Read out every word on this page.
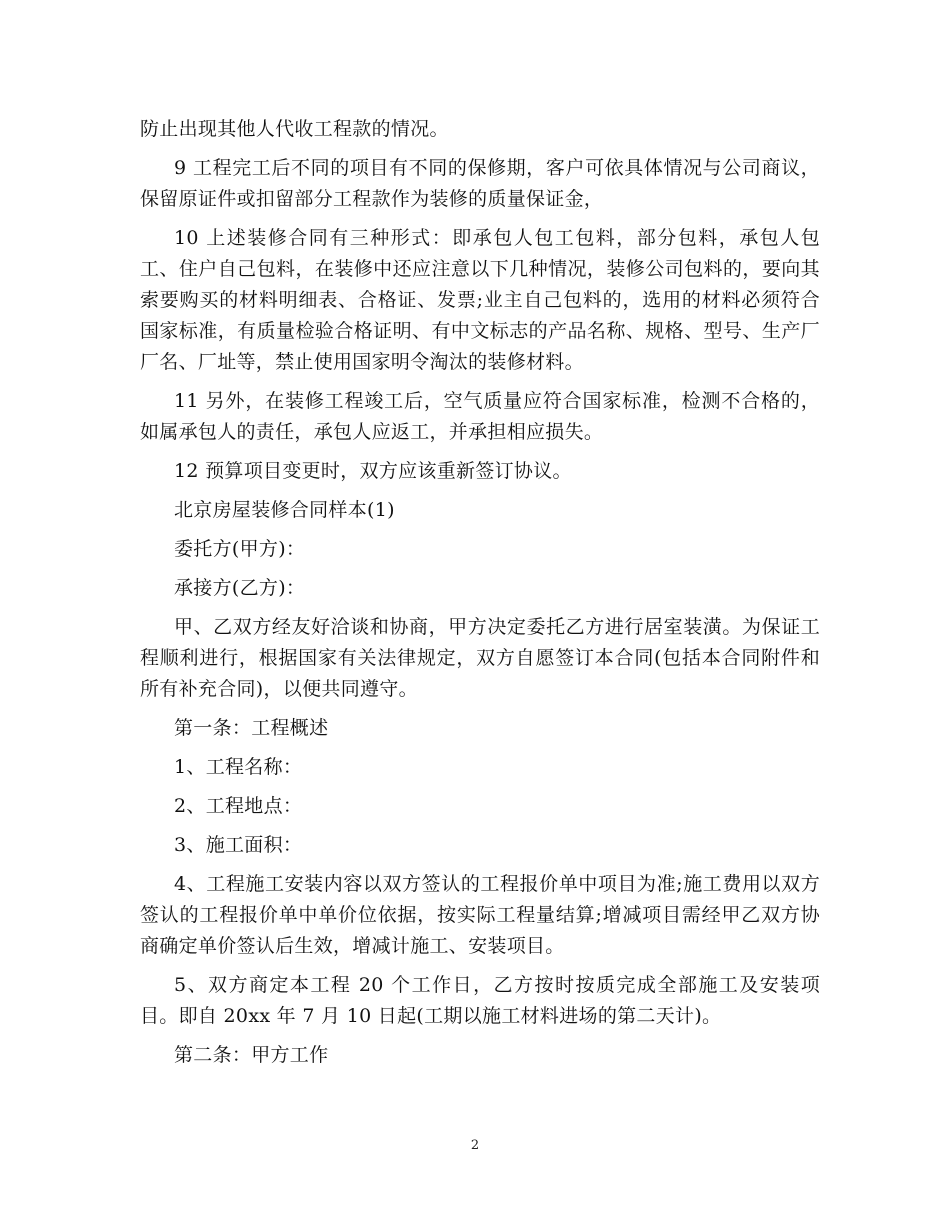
防止出现其他人代收工程款的情况。

9 工程完工后不同的项目有不同的保修期，客户可依具体情况与公司商议，保留原证件或扣留部分工程款作为装修的质量保证金，

10 上述装修合同有三种形式：即承包人包工包料，部分包料，承包人包工、住户自己包料，在装修中还应注意以下几种情况，装修公司包料的，要向其索要购买的材料明细表、合格证、发票;业主自己包料的，选用的材料必须符合国家标准，有质量检验合格证明、有中文标志的产品名称、规格、型号、生产厂厂名、厂址等，禁止使用国家明令淘汰的装修材料。

11 另外，在装修工程竣工后，空气质量应符合国家标准，检测不合格的，如属承包人的责任，承包人应返工，并承担相应损失。

12 预算项目变更时，双方应该重新签订协议。

北京房屋装修合同样本(1)

委托方(甲方)：

承接方(乙方)：

甲、乙双方经友好洽谈和协商，甲方决定委托乙方进行居室装潢。为保证工程顺利进行，根据国家有关法律规定，双方自愿签订本合同(包括本合同附件和所有补充合同)，以便共同遵守。

第一条：工程概述

1、工程名称：

2、工程地点：

3、施工面积：

4、工程施工安装内容以双方签认的工程报价单中项目为准;施工费用以双方签认的工程报价单中单价位依据，按实际工程量结算;增减项目需经甲乙双方协商确定单价签认后生效，增减计施工、安装项目。

5、双方商定本工程 20 个工作日，乙方按时按质完成全部施工及安装项目。即自 20xx 年 7 月 10 日起(工期以施工材料进场的第二天计)。

第二条：甲方工作

2
